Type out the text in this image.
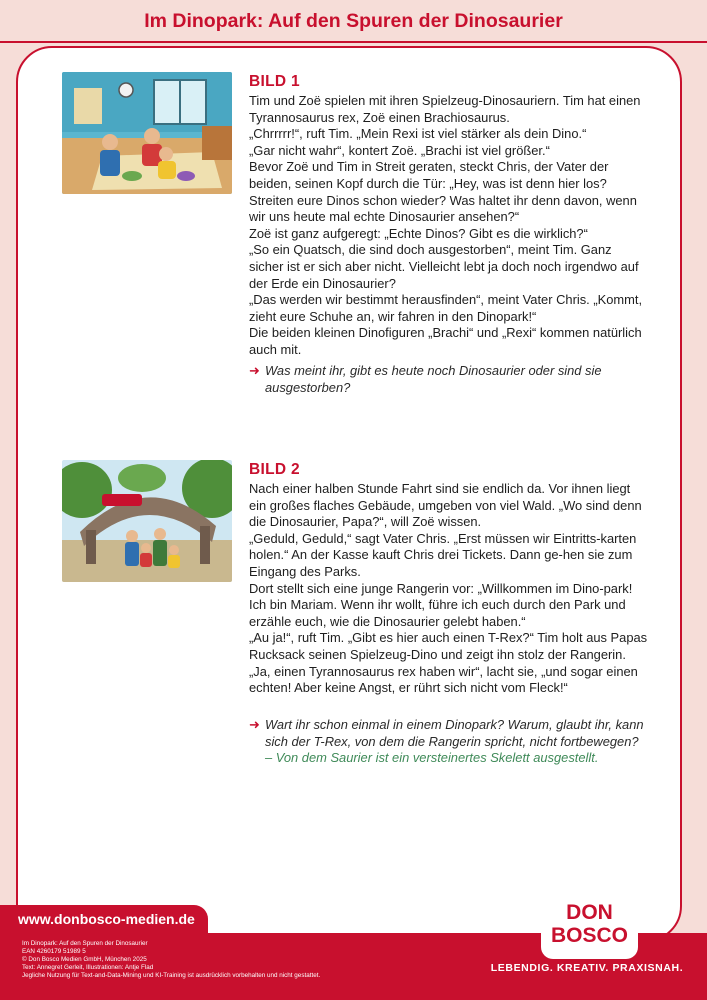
Im Dinopark: Auf den Spuren der Dinosaurier
BILD 1

Tim und Zoë spielen mit ihren Spielzeug-Dinosauriern. Tim hat einen Tyrannosaurus rex, Zoë einen Brachiosaurus.

„Chrrrrr!“, ruft Tim. „Mein Rexi ist viel stärker als dein Dino.“

„Gar nicht wahr“, kontert Zoë. „Brachi ist viel größer.“

Bevor Zoë und Tim in Streit geraten, steckt Chris, der Vater der beiden, seinen Kopf durch die Tür: „Hey, was ist denn hier los? Streiten eure Dinos schon wieder? Was haltet ihr denn davon, wenn wir uns heute mal echte Dinosaurier ansehen?“

Zoë ist ganz aufgeregt: „Echte Dinos? Gibt es die wirklich?“

„So ein Quatsch, die sind doch ausgestorben“, meint Tim. Ganz sicher ist er sich aber nicht. Vielleicht lebt ja doch noch irgendwo auf der Erde ein Dinosaurier?

„Das werden wir bestimmt herausfinden“, meint Vater Chris. „Kommt, zieht eure Schuhe an, wir fahren in den Dinopark!“

Die beiden kleinen Dinofiguren „Brachi“ und „Rexi“ kommen natürlich auch mit.

➜ Was meint ihr, gibt es heute noch Dinosaurier oder sind sie ausgestorben?
BILD 2

Nach einer halben Stunde Fahrt sind sie endlich da. Vor ihnen liegt ein großes flaches Gebäude, umgeben von viel Wald. „Wo sind denn die Dinosaurier, Papa?“, will Zoë wissen.

„Geduld, Geduld,“ sagt Vater Chris. „Erst müssen wir Eintritts-karten holen.“ An der Kasse kauft Chris drei Tickets. Dann ge-hen sie zum Eingang des Parks.

Dort stellt sich eine junge Rangerin vor: „Willkommen im Dino-park! Ich bin Mariam. Wenn ihr wollt, führe ich euch durch den Park und erzähle euch, wie die Dinosaurier gelebt haben.“

„Au ja!“, ruft Tim. „Gibt es hier auch einen T-Rex?“ Tim holt aus Papas Rucksack seinen Spielzeug-Dino und zeigt ihn stolz der Rangerin. „Ja, einen Tyrannosaurus rex haben wir“, lacht sie, „und sogar einen echten! Aber keine Angst, er rührt sich nicht vom Fleck!“

➜ Wart ihr schon einmal in einem Dinopark? Warum, glaubt ihr, kann sich der T-Rex, von dem die Rangerin spricht, nicht fortbewegen? – Von dem Saurier ist ein versteinertes Skelett ausgestellt.
www.donbosco-medien.de
Im Dinopark: Auf den Spuren der Dinosaurier
EAN 4260179 51989 5
© Don Bosco Medien GmbH, München 2025
Text: Annegret Gerleit, Illustrationen: Antje Flad
Jegliche Nutzung für Text-and-Data-Mining und KI-Training ist ausdrücklich vorbehalten und nicht gestattet.
DON
BOSCO
LEBENDIG. KREATIV. PRAXISNAH.
